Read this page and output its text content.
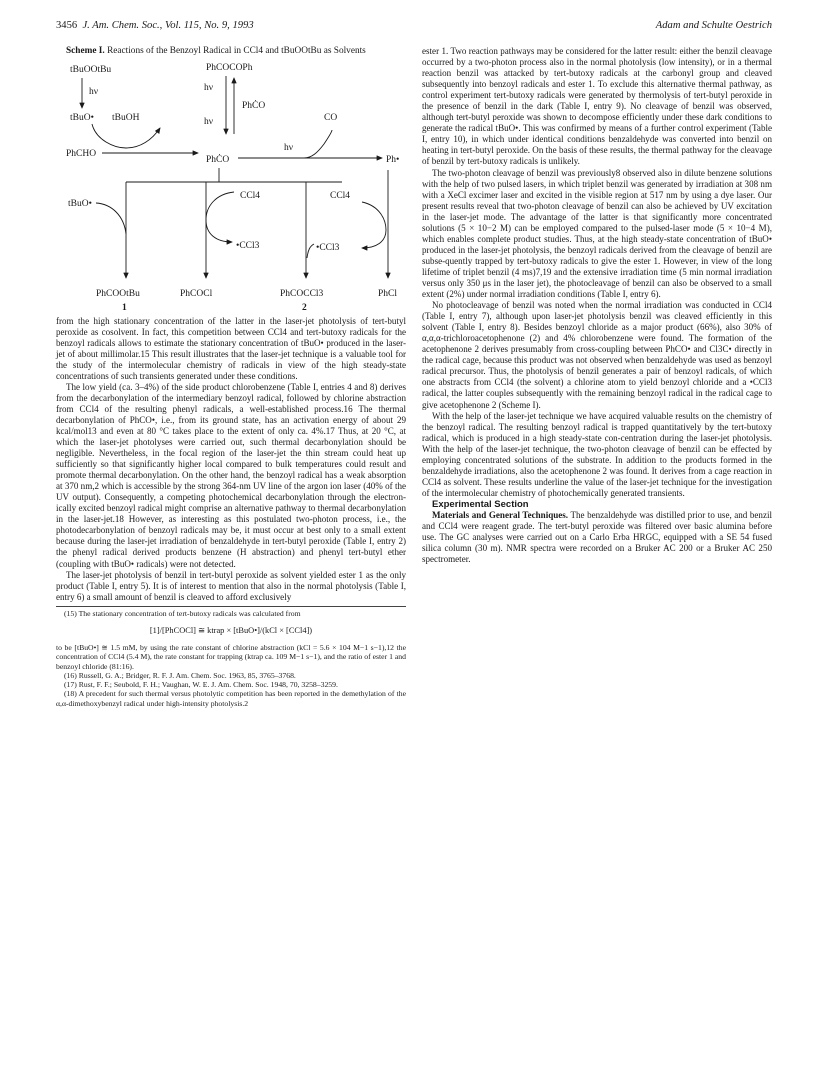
3456 J. Am. Chem. Soc., Vol. 115, No. 9, 1993	Adam and Schulte Oestrich

Scheme I. Reactions of the Benzoyl Radical in CCl4 and tBuOOtBu as Solvents

tBuOOtBu	PhCOCOPh
hν
tBuO• tBuOH
hν
hν
PhĊO
PhCHO
PhĊO
hν
CO
Ph•
tBuO•
CCl4
•CCl3
CCl4
•CCl3
PhCOOtBu	PhCOCl	PhCOCCl3	PhCl
1	2

from the high stationary concentration of the latter in the laser-jet photolysis of tert-butyl peroxide as cosolvent. In fact, this competition between CCl4 and tert-butoxy radicals for the benzoyl radicals allows to estimate the stationary concentration of tBuO• produced in the laser-jet of about millimolar.15 This result illustrates that the laser-jet technique is a valuable tool for the study of the intermolecular chemistry of radicals in view of the high steady-state concentrations of such transients generated under these conditions.

The low yield (ca. 3–4%) of the side product chlorobenzene (Table I, entries 4 and 8) derives from the decarbonylation of the intermediary benzoyl radical, followed by chlorine abstraction from CCl4 of the resulting phenyl radicals, a well-established process.16 The thermal decarbonylation of PhCO•, i.e., from its ground state, has an activation energy of about 29 kcal/mol13 and even at 80 °C takes place to the extent of only ca. 4%.17 Thus, at 20 °C, at which the laser-jet photolyses were carried out, such thermal decarbonylation should be negligible. Nevertheless, in the focal region of the laser-jet the thin stream could heat up sufficiently so that significantly higher local compared to bulk temperatures could result and promote thermal decarbonylation. On the other hand, the benzoyl radical has a weak absorption at 370 nm,2 which is accessible by the strong 364-nm UV line of the argon ion laser (40% of the UV output). Consequently, a competing photochemical decarbonylation through the electron-ically excited benzoyl radical might comprise an alternative pathway to thermal decarbonylation in the laser-jet.18 However, as interesting as this postulated two-photon process, i.e., the photodecarbonylation of benzoyl radicals may be, it must occur at best only to a small extent because during the laser-jet irradiation of benzaldehyde in tert-butyl peroxide (Table I, entry 2) the phenyl radical derived products benzene (H abstraction) and phenyl tert-butyl ether (coupling with tBuO• radicals) were not detected.

The laser-jet photolysis of benzil in tert-butyl peroxide as solvent yielded ester 1 as the only product (Table I, entry 5). It is of interest to mention that also in the normal photolysis (Table I, entry 6) a small amount of benzil is cleaved to afford exclusively

(15) The stationary concentration of tert-butoxy radicals was calculated from

[1]/[PhCOCl] ≅ ktrap × [tBuO•]/(kCl × [CCl4])

to be [tBuO•] ≅ 1.5 mM, by using the rate constant of chlorine abstraction (kCl = 5.6 × 104 M−1 s−1),12 the concentration of CCl4 (5.4 M), the rate constant for trapping (ktrap ca. 109 M−1 s−1), and the ratio of ester 1 and benzoyl chloride (81:16).

(16) Russell, G. A.; Bridger, R. F. J. Am. Chem. Soc. 1963, 85, 3765–3768.

(17) Rust, F. F.; Seubold, F. H.; Vaughan, W. E. J. Am. Chem. Soc. 1948, 70, 3258–3259.

(18) A precedent for such thermal versus photolytic competition has been reported in the demethylation of the α,α-dimethoxybenzyl radical under high-intensity photolysis.2

ester 1. Two reaction pathways may be considered for the latter result: either the benzil cleavage occurred by a two-photon process also in the normal photolysis (low intensity), or in a thermal reaction benzil was attacked by tert-butoxy radicals at the carbonyl group and cleaved subsequently into benzoyl radicals and ester 1. To exclude this alternative thermal pathway, as control experiment tert-butoxy radicals were generated by thermolysis of tert-butyl peroxide in the presence of benzil in the dark (Table I, entry 9). No cleavage of benzil was observed, although tert-butyl peroxide was shown to decompose efficiently under these dark conditions to generate the radical tBuO•. This was confirmed by means of a further control experiment (Table I, entry 10), in which under identical conditions benzaldehyde was converted into benzil on heating in tert-butyl peroxide. On the basis of these results, the thermal pathway for the cleavage of benzil by tert-butoxy radicals is unlikely.

The two-photon cleavage of benzil was previously8 observed also in dilute benzene solutions with the help of two pulsed lasers, in which triplet benzil was generated by irradiation at 308 nm with a XeCl excimer laser and excited in the visible region at 517 nm by using a dye laser. Our present results reveal that two-photon cleavage of benzil can also be achieved by UV excitation in the laser-jet mode. The advantage of the latter is that significantly more concentrated solutions (5 × 10−2 M) can be employed compared to the pulsed-laser mode (5 × 10−4 M), which enables complete product studies. Thus, at the high steady-state concentration of tBuO• produced in the laser-jet photolysis, the benzoyl radicals derived from the cleavage of benzil are subse-quently trapped by tert-butoxy radicals to give the ester 1. However, in view of the long lifetime of triplet benzil (4 ms)7,19 and the extensive irradiation time (5 min normal irradiation versus only 350 μs in the laser jet), the photocleavage of benzil can also be observed to a small extent (2%) under normal irradiation conditions (Table I, entry 6).

No photocleavage of benzil was noted when the normal irradiation was conducted in CCl4 (Table I, entry 7), although upon laser-jet photolysis benzil was cleaved efficiently in this solvent (Table I, entry 8). Besides benzoyl chloride as a major product (66%), also 30% of α,α,α-trichloroacetophenone (2) and 4% chlorobenzene were found. The formation of the acetophenone 2 derives presumably from cross-coupling between PhCO• and Cl3C• directly in the radical cage, because this product was not observed when benzaldehyde was used as benzoyl radical precursor. Thus, the photolysis of benzil generates a pair of benzoyl radicals, of which one abstracts from CCl4 (the solvent) a chlorine atom to yield benzoyl chloride and a •CCl3 radical, the latter couples subsequently with the remaining benzoyl radical in the radical cage to give acetophenone 2 (Scheme I).

With the help of the laser-jet technique we have acquired valuable results on the chemistry of the benzoyl radical. The resulting benzoyl radical is trapped quantitatively by the tert-butoxy radical, which is produced in a high steady-state con-centration during the laser-jet photolysis. With the help of the laser-jet technique, the two-photon cleavage of benzil can be effected by employing concentrated solutions of the substrate. In addition to the products formed in the benzaldehyde irradiations, also the acetophenone 2 was found. It derives from a cage reaction in CCl4 as solvent. These results underline the value of the laser-jet technique for the investigation of the intermolecular chemistry of photochemically generated transients.

Experimental Section

Materials and General Techniques. The benzaldehyde was distilled prior to use, and benzil and CCl4 were reagent grade. The tert-butyl peroxide was filtered over basic alumina before use. The GC analyses were carried out on a Carlo Erba HRGC, equipped with a SE 54 fused silica column (30 m). NMR spectra were recorded on a Bruker AC 200 or a Bruker AC 250 spectrometer.
